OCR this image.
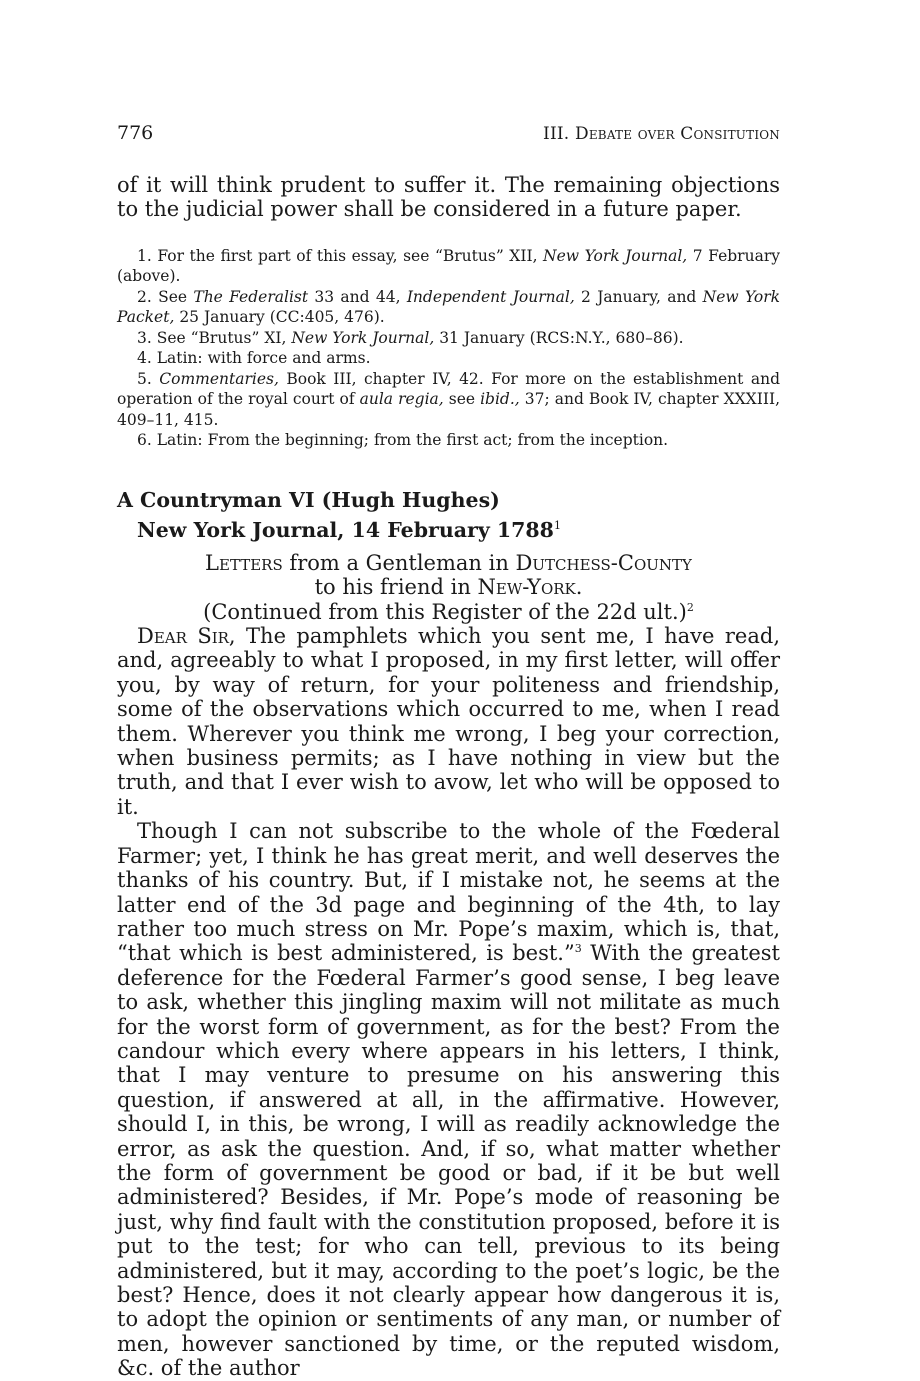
776	III. Debate over Consitution

of it will think prudent to suffer it. The remaining objections to the judicial power shall be considered in a future paper.

1. For the first part of this essay, see “Brutus” XII, New York Journal, 7 February (above).

2. See The Federalist 33 and 44, Independent Journal, 2 January, and New York Packet, 25 January (CC:405, 476).

3. See “Brutus” XI, New York Journal, 31 January (RCS:N.Y., 680–86).

4. Latin: with force and arms.

5. Commentaries, Book III, chapter IV, 42. For more on the establishment and operation of the royal court of aula regia, see ibid., 37; and Book IV, chapter XXXIII, 409–11, 415.

6. Latin: From the beginning; from the first act; from the inception.

A Countryman VI (Hugh Hughes)
New York Journal, 14 February 1788$^1$
Letters from a Gentleman in Dutchess-County
to his friend in New-York.
(Continued from this Register of the 22d ult.)$^2$

Dear Sir, The pamphlets which you sent me, I have read, and, agreeably to what I proposed, in my first letter, will offer you, by way of return, for your politeness and friendship, some of the observations which occurred to me, when I read them. Wherever you think me wrong, I beg your correction, when business permits; as I have nothing in view but the truth, and that I ever wish to avow, let who will be opposed to it.

Though I can not subscribe to the whole of the Fœderal Farmer; yet, I think he has great merit, and well deserves the thanks of his country. But, if I mistake not, he seems at the latter end of the 3d page and beginning of the 4th, to lay rather too much stress on Mr. Pope’s maxim, which is, that, “that which is best administered, is best.”$^3$ With the greatest deference for the Fœderal Farmer’s good sense, I beg leave to ask, whether this jingling maxim will not militate as much for the worst form of government, as for the best? From the candour which every where appears in his letters, I think, that I may venture to presume on his answering this question, if answered at all, in the affirmative. However, should I, in this, be wrong, I will as readily acknowledge the error, as ask the question. And, if so, what matter whether the form of government be good or bad, if it be but well administered? Besides, if Mr. Pope’s mode of reasoning be just, why find fault with the constitution proposed, before it is put to the test; for who can tell, previous to its being administered, but it may, according to the poet’s logic, be the best? Hence, does it not clearly appear how dangerous it is, to adopt the opinion or sentiments of any man, or number of men, however sanctioned by time, or the reputed wisdom, &c. of the author
